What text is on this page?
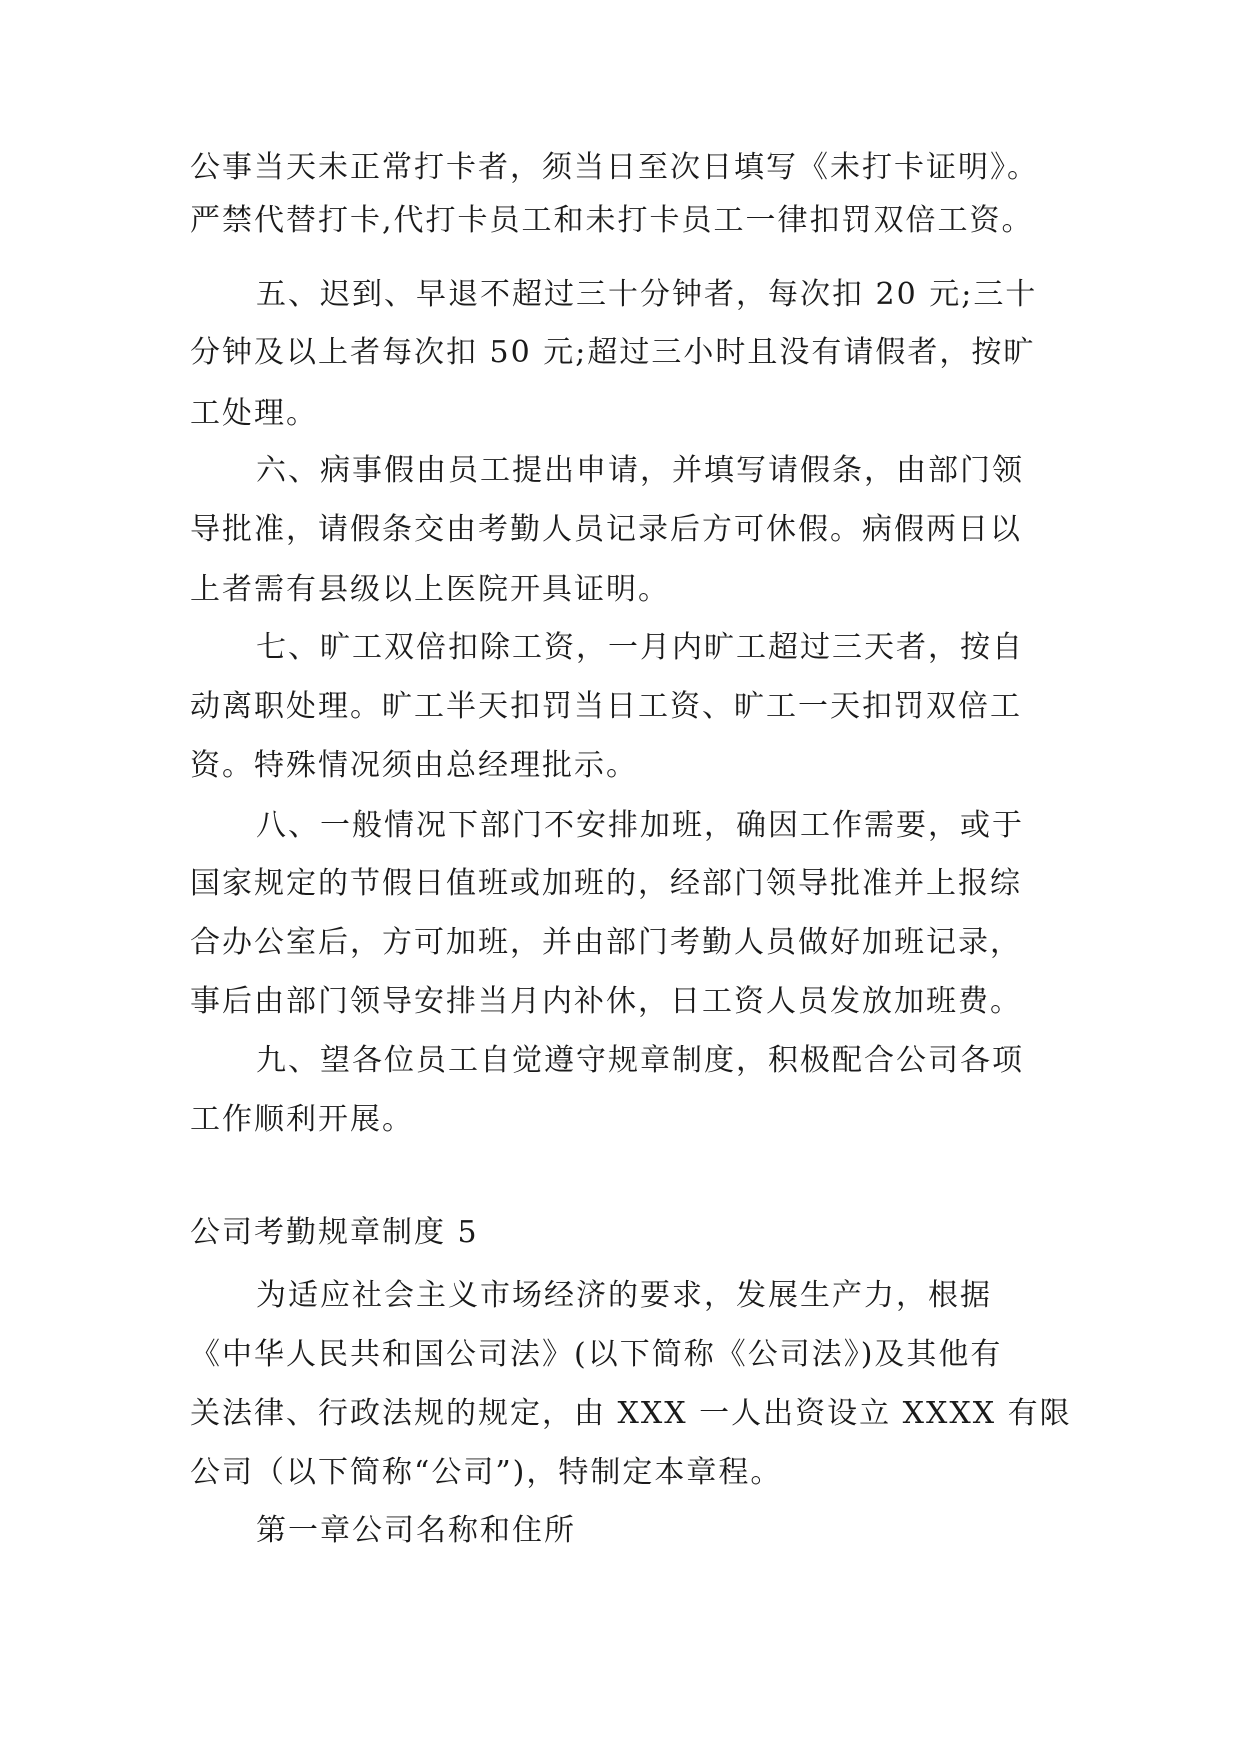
公事当天未正常打卡者，须当日至次日填写《未打卡证明》。
严禁代替打卡,代打卡员工和未打卡员工一律扣罚双倍工资。
五、迟到、早退不超过三十分钟者，每次扣 20 元;三十
分钟及以上者每次扣 50 元;超过三小时且没有请假者，按旷
工处理。
六、病事假由员工提出申请，并填写请假条，由部门领
导批准，请假条交由考勤人员记录后方可休假。病假两日以
上者需有县级以上医院开具证明。
七、旷工双倍扣除工资，一月内旷工超过三天者，按自
动离职处理。旷工半天扣罚当日工资、旷工一天扣罚双倍工
资。特殊情况须由总经理批示。
八、一般情况下部门不安排加班，确因工作需要，或于
国家规定的节假日值班或加班的，经部门领导批准并上报综
合办公室后，方可加班，并由部门考勤人员做好加班记录，
事后由部门领导安排当月内补休，日工资人员发放加班费。
九、望各位员工自觉遵守规章制度，积极配合公司各项
工作顺利开展。
公司考勤规章制度 5
为适应社会主义市场经济的要求，发展生产力，根据
《中华人民共和国公司法》(以下简称《公司法》)及其他有
关法律、行政法规的规定，由 XXX 一人出资设立 XXXX 有限
公司（以下简称“公司”)，特制定本章程。
第一章公司名称和住所
